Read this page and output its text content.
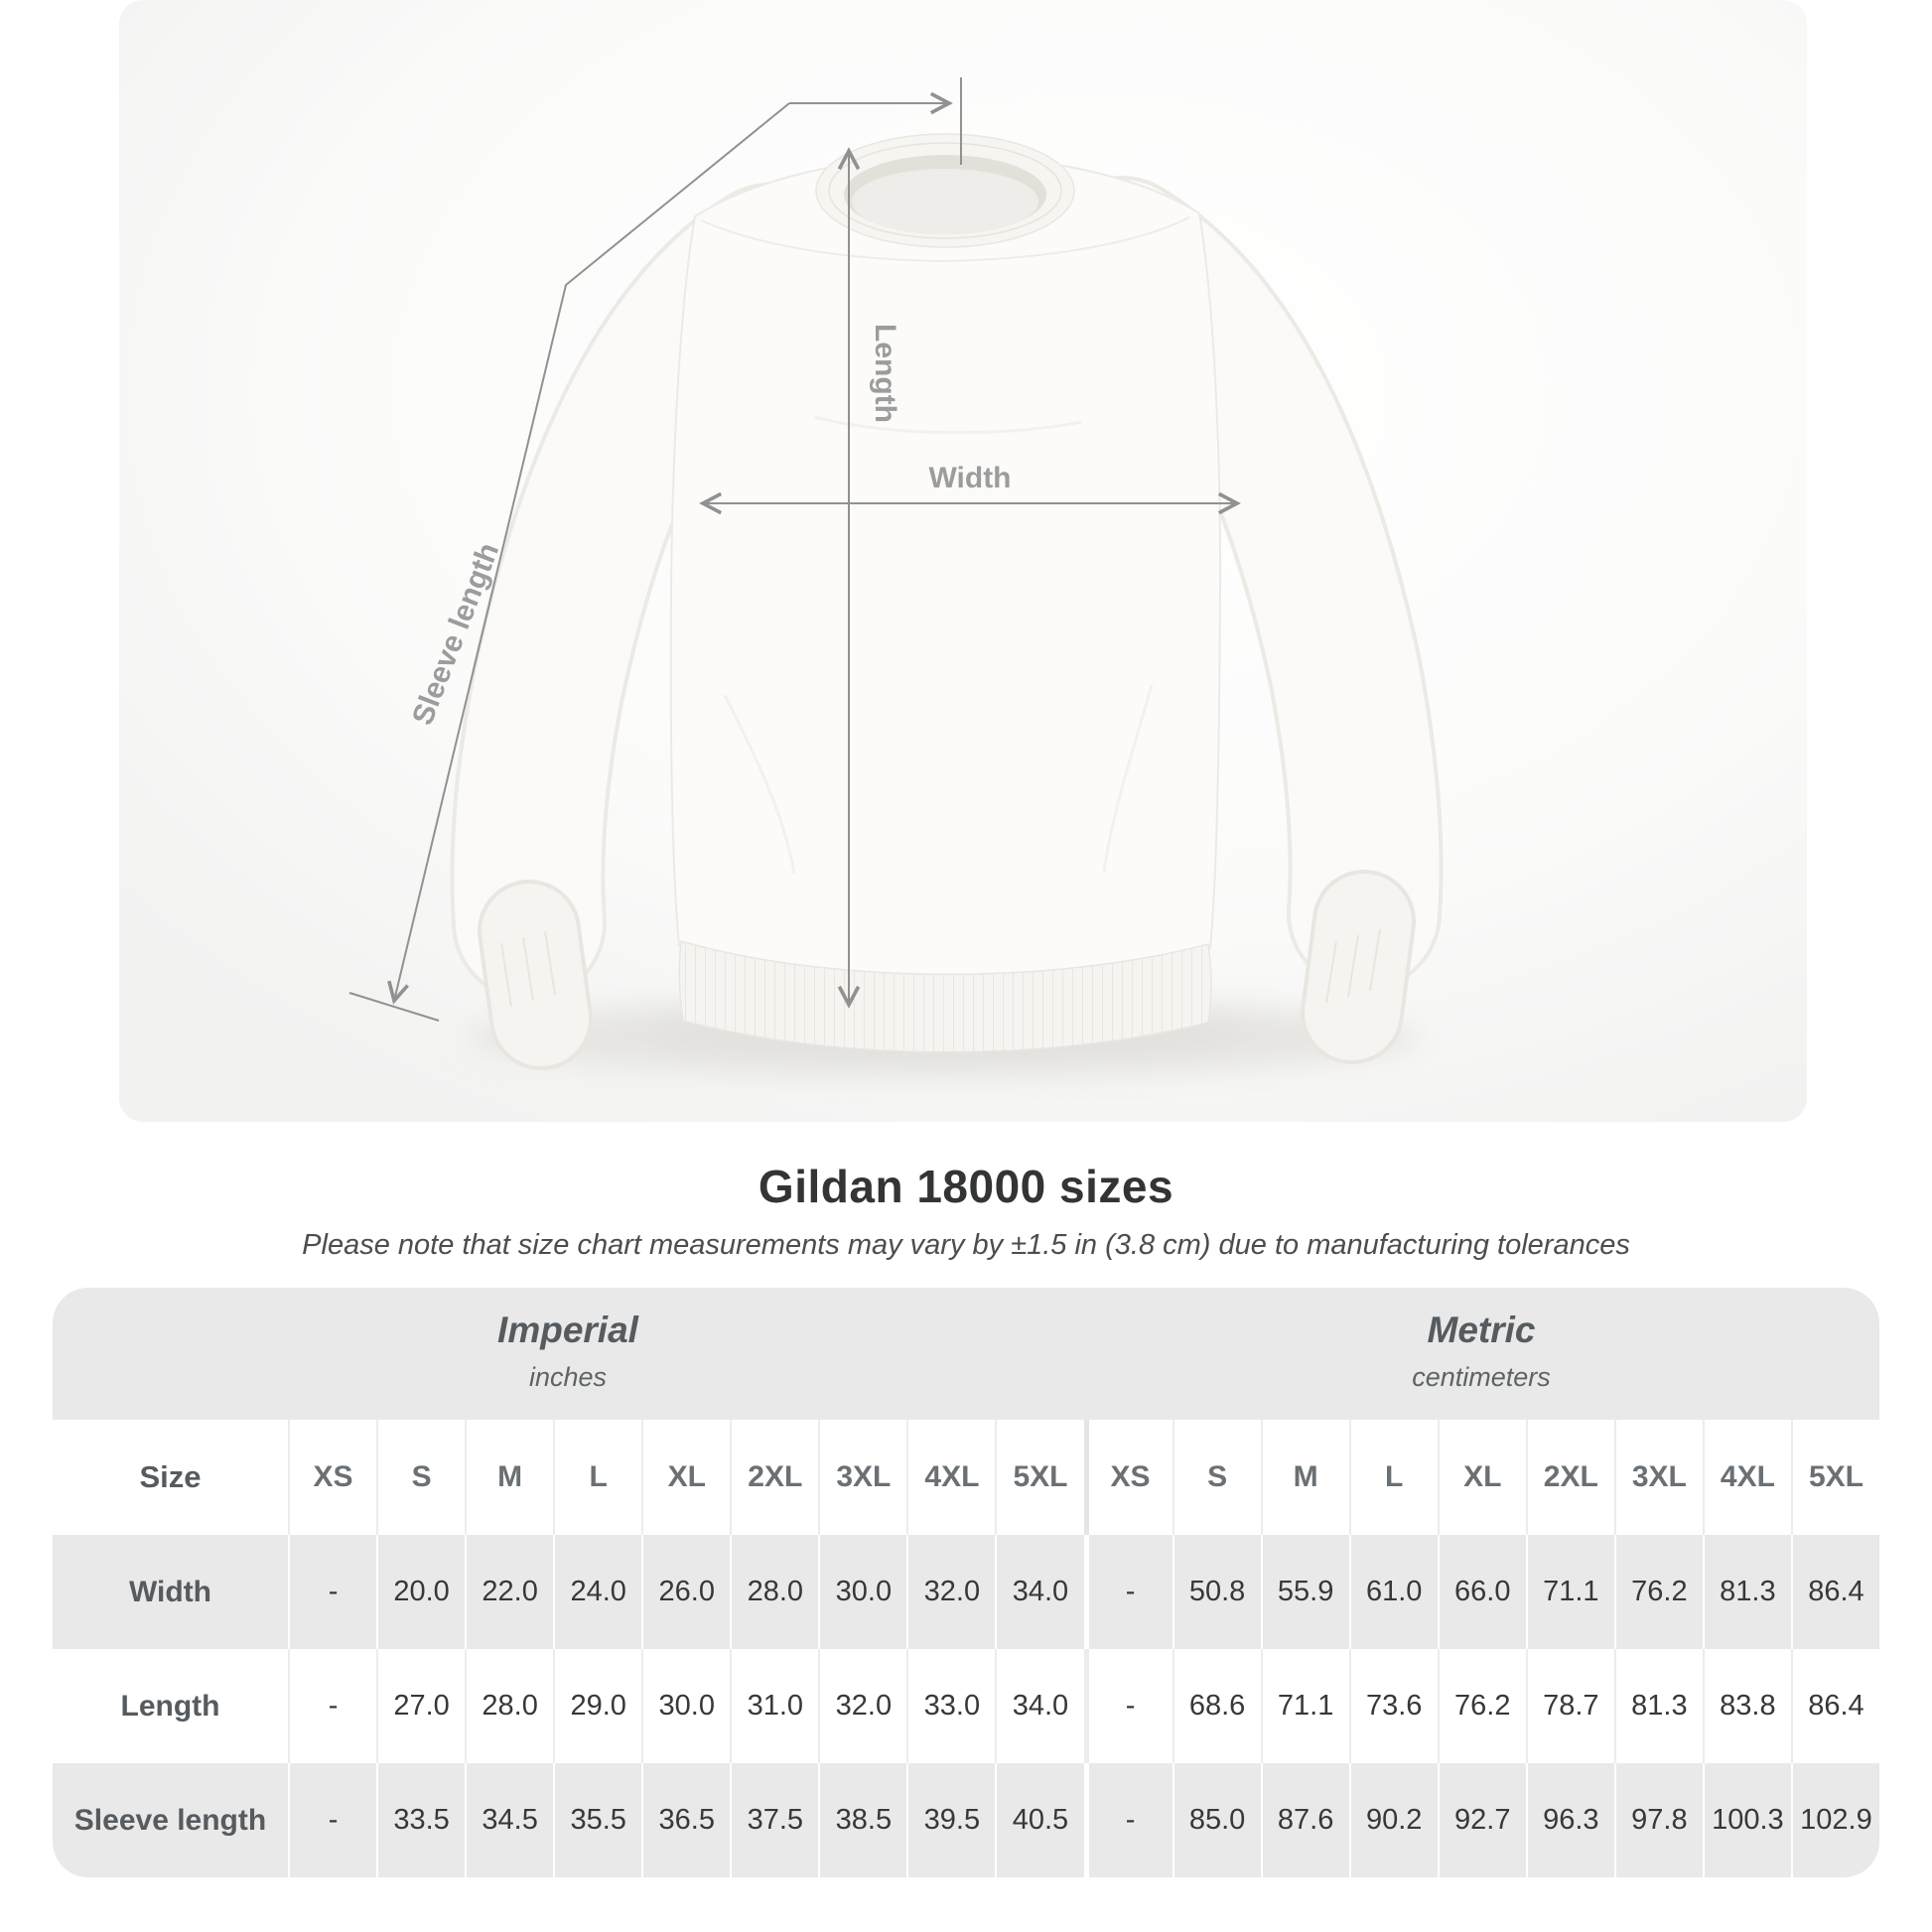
Width
Length
Sleeve length
Gildan 18000 sizes

Please note that size chart measurements may vary by ±1.5 in (3.8 cm) due to manufacturing tolerances

Imperial
inches
Metric
centimeters
Size	XS	S	M	L	XL	2XL	3XL	4XL	5XL	XS	S	M	L	XL	2XL	3XL	4XL	5XL
Width	-	20.0	22.0	24.0	26.0	28.0	30.0	32.0	34.0	-	50.8	55.9	61.0	66.0	71.1	76.2	81.3	86.4
Length	-	27.0	28.0	29.0	30.0	31.0	32.0	33.0	34.0	-	68.6	71.1	73.6	76.2	78.7	81.3	83.8	86.4
Sleeve length	-	33.5	34.5	35.5	36.5	37.5	38.5	39.5	40.5	-	85.0	87.6	90.2	92.7	96.3	97.8 100.3 102.9
